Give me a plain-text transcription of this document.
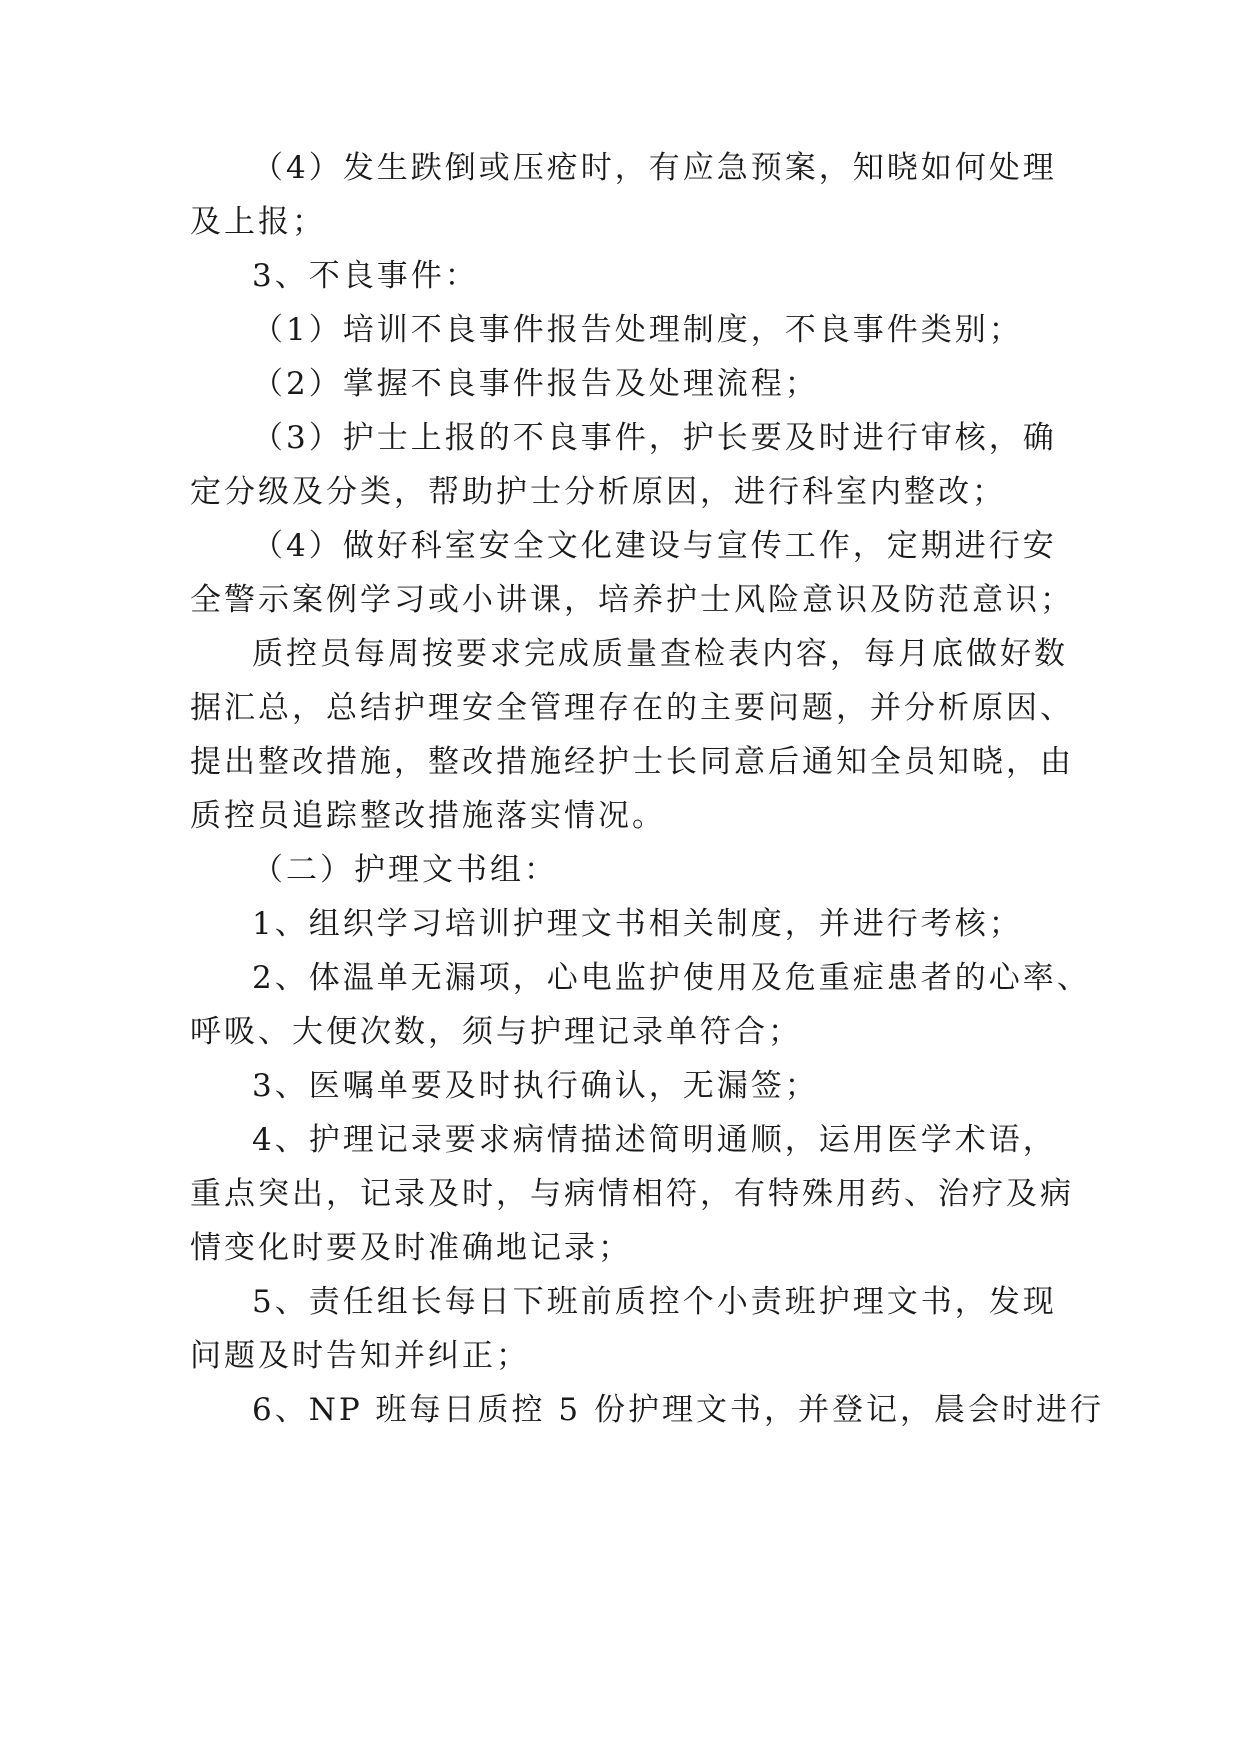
（4）发生跌倒或压疮时，有应急预案，知晓如何处理
及上报；
3、不良事件：
（1）培训不良事件报告处理制度，不良事件类别；
（2）掌握不良事件报告及处理流程；
（3）护士上报的不良事件，护长要及时进行审核，确
定分级及分类，帮助护士分析原因，进行科室内整改；
（4）做好科室安全文化建设与宣传工作，定期进行安
全警示案例学习或小讲课，培养护士风险意识及防范意识；
质控员每周按要求完成质量查检表内容，每月底做好数
据汇总，总结护理安全管理存在的主要问题，并分析原因、
提出整改措施，整改措施经护士长同意后通知全员知晓，由
质控员追踪整改措施落实情况。
（二）护理文书组：
1、组织学习培训护理文书相关制度，并进行考核；
2、体温单无漏项，心电监护使用及危重症患者的心率、
呼吸、大便次数，须与护理记录单符合；
3、医嘱单要及时执行确认，无漏签；
4、护理记录要求病情描述简明通顺，运用医学术语，
重点突出，记录及时，与病情相符，有特殊用药、治疗及病
情变化时要及时准确地记录；
5、责任组长每日下班前质控个小责班护理文书，发现
问题及时告知并纠正；
6、NP 班每日质控 5 份护理文书，并登记，晨会时进行
